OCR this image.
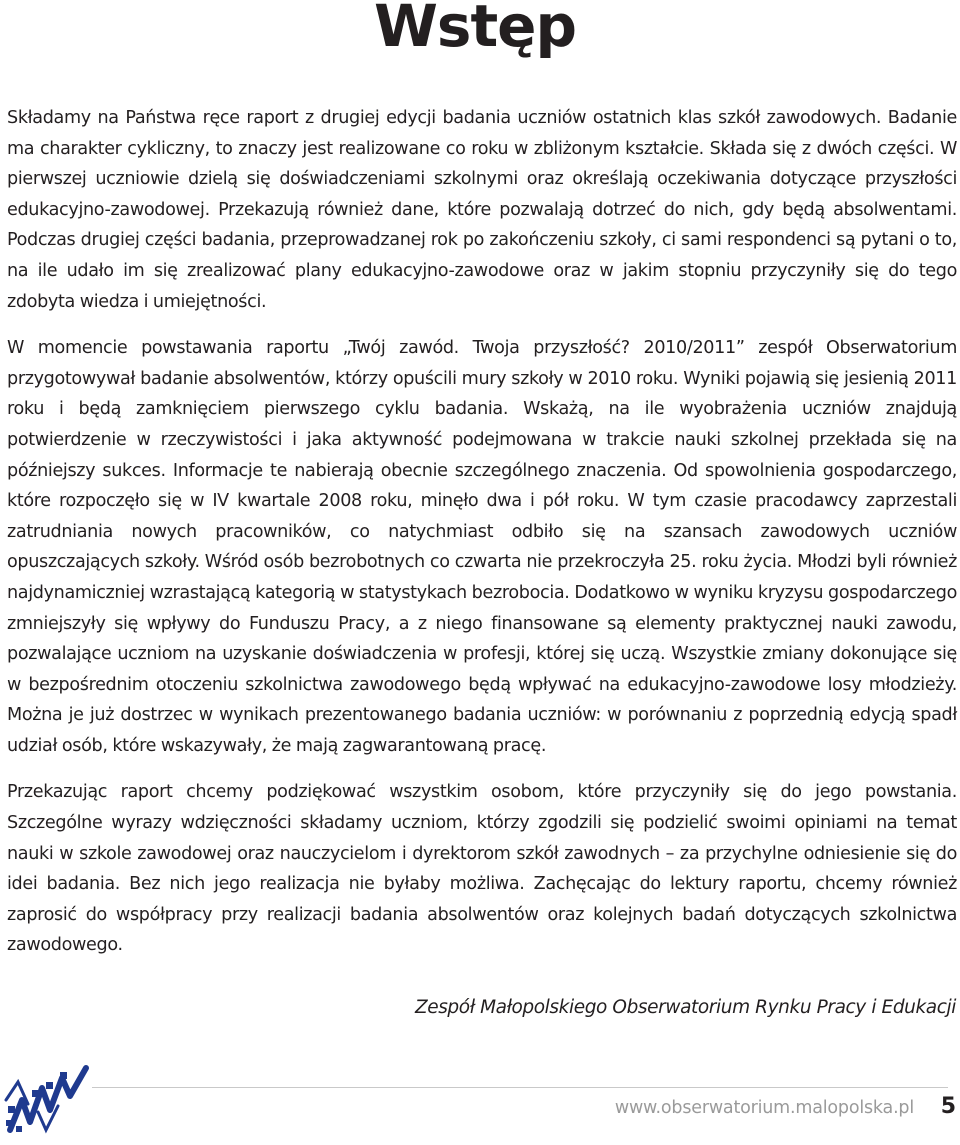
Wstęp

Składamy na Państwa ręce raport z drugiej edycji badania uczniów ostatnich klas szkół zawodowych. Badanie ma charakter cykliczny, to znaczy jest realizowane co roku w zbliżonym kształcie. Składa się z dwóch części. W pierwszej uczniowie dzielą się doświadczeniami szkolnymi oraz określają oczekiwania dotyczące przyszłości edukacyjno-zawodowej. Przekazują również dane, które pozwalają dotrzeć do nich, gdy będą absolwentami. Podczas drugiej części badania, przeprowadzanej rok po zakończeniu szkoły, ci sami respondenci są pytani o to, na ile udało im się zrealizować plany edukacyjno-zawodowe oraz w jakim stopniu przyczyniły się do tego zdobyta wiedza i umiejętności.

W momencie powstawania raportu „Twój zawód. Twoja przyszłość? 2010/2011” zespół Obserwatorium przygotowywał badanie absolwentów, którzy opuścili mury szkoły w 2010 roku. Wyniki pojawią się jesienią 2011 roku i będą zamknięciem pierwszego cyklu badania. Wskażą, na ile wyobrażenia uczniów znajdują potwierdzenie w rzeczywistości i jaka aktywność podejmowana w trakcie nauki szkolnej przekłada się na późniejszy sukces. Informacje te nabierają obecnie szczególnego znaczenia. Od spowolnienia gospodarczego, które rozpoczęło się w IV kwartale 2008 roku, minęło dwa i pół roku. W tym czasie pracodawcy zaprzestali zatrudniania nowych pracowników, co natychmiast odbiło się na szansach zawodowych uczniów opuszczających szkoły. Wśród osób bezrobotnych co czwarta nie przekroczyła 25. roku życia. Młodzi byli również najdynamiczniej wzrastającą kategorią w statystykach bezrobocia. Dodatkowo w wyniku kryzysu gospodarczego zmniejszyły się wpływy do Funduszu Pracy, a z niego finansowane są elementy praktycznej nauki zawodu, pozwalające uczniom na uzyskanie doświadczenia w profesji, której się uczą. Wszystkie zmiany dokonujące się w bezpośrednim otoczeniu szkolnictwa zawodowego będą wpływać na edukacyjno-zawodowe losy młodzieży. Można je już dostrzec w wynikach prezentowanego badania uczniów: w porównaniu z poprzednią edycją spadł udział osób, które wskazywały, że mają zagwarantowaną pracę.

Przekazując raport chcemy podziękować wszystkim osobom, które przyczyniły się do jego powstania. Szczególne wyrazy wdzięczności składamy uczniom, którzy zgodzili się podzielić swoimi opiniami na temat nauki w szkole zawodowej oraz nauczycielom i dyrektorom szkół zawodnych – za przychylne odniesienie się do idei badania. Bez nich jego realizacja nie byłaby możliwa. Zachęcając do lektury raportu, chcemy również zaprosić do współpracy przy realizacji badania absolwentów oraz kolejnych badań dotyczących szkolnictwa zawodowego.

Zespół Małopolskiego Obserwatorium Rynku Pracy i Edukacji

www.obserwatorium.malopolska.pl 5
